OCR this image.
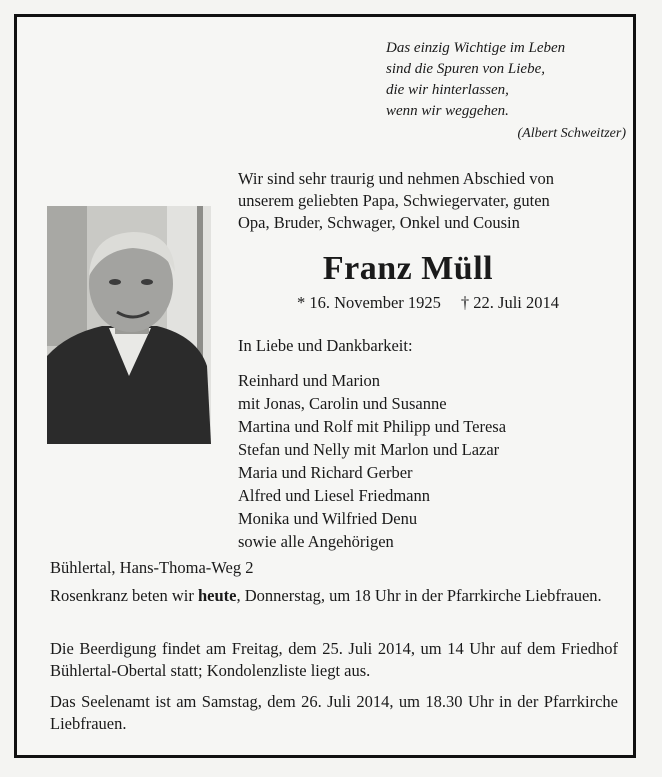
Das einzig Wichtige im Leben
sind die Spuren von Liebe,
die wir hinterlassen,
wenn wir weggehen.
(Albert Schweitzer)
Wir sind sehr traurig und nehmen Abschied von
unserem geliebten Papa, Schwiegervater, guten
Opa, Bruder, Schwager, Onkel und Cousin
Franz Müll
* 16. November 1925 † 22. Juli 2014
In Liebe und Dankbarkeit:
Reinhard und Marion
mit Jonas, Carolin und Susanne
Martina und Rolf mit Philipp und Teresa
Stefan und Nelly mit Marlon und Lazar
Maria und Richard Gerber
Alfred und Liesel Friedmann
Monika und Wilfried Denu
sowie alle Angehörigen
Bühlertal, Hans-Thoma-Weg 2
Rosenkranz beten wir heute, Donnerstag, um 18 Uhr in der Pfarrkirche Liebfrauen.
Die Beerdigung findet am Freitag, dem 25. Juli 2014, um 14 Uhr auf dem Friedhof Bühlertal-Obertal statt; Kondolenzliste liegt aus.
Das Seelenamt ist am Samstag, dem 26. Juli 2014, um 18.30 Uhr in der Pfarrkirche Liebfrauen.
